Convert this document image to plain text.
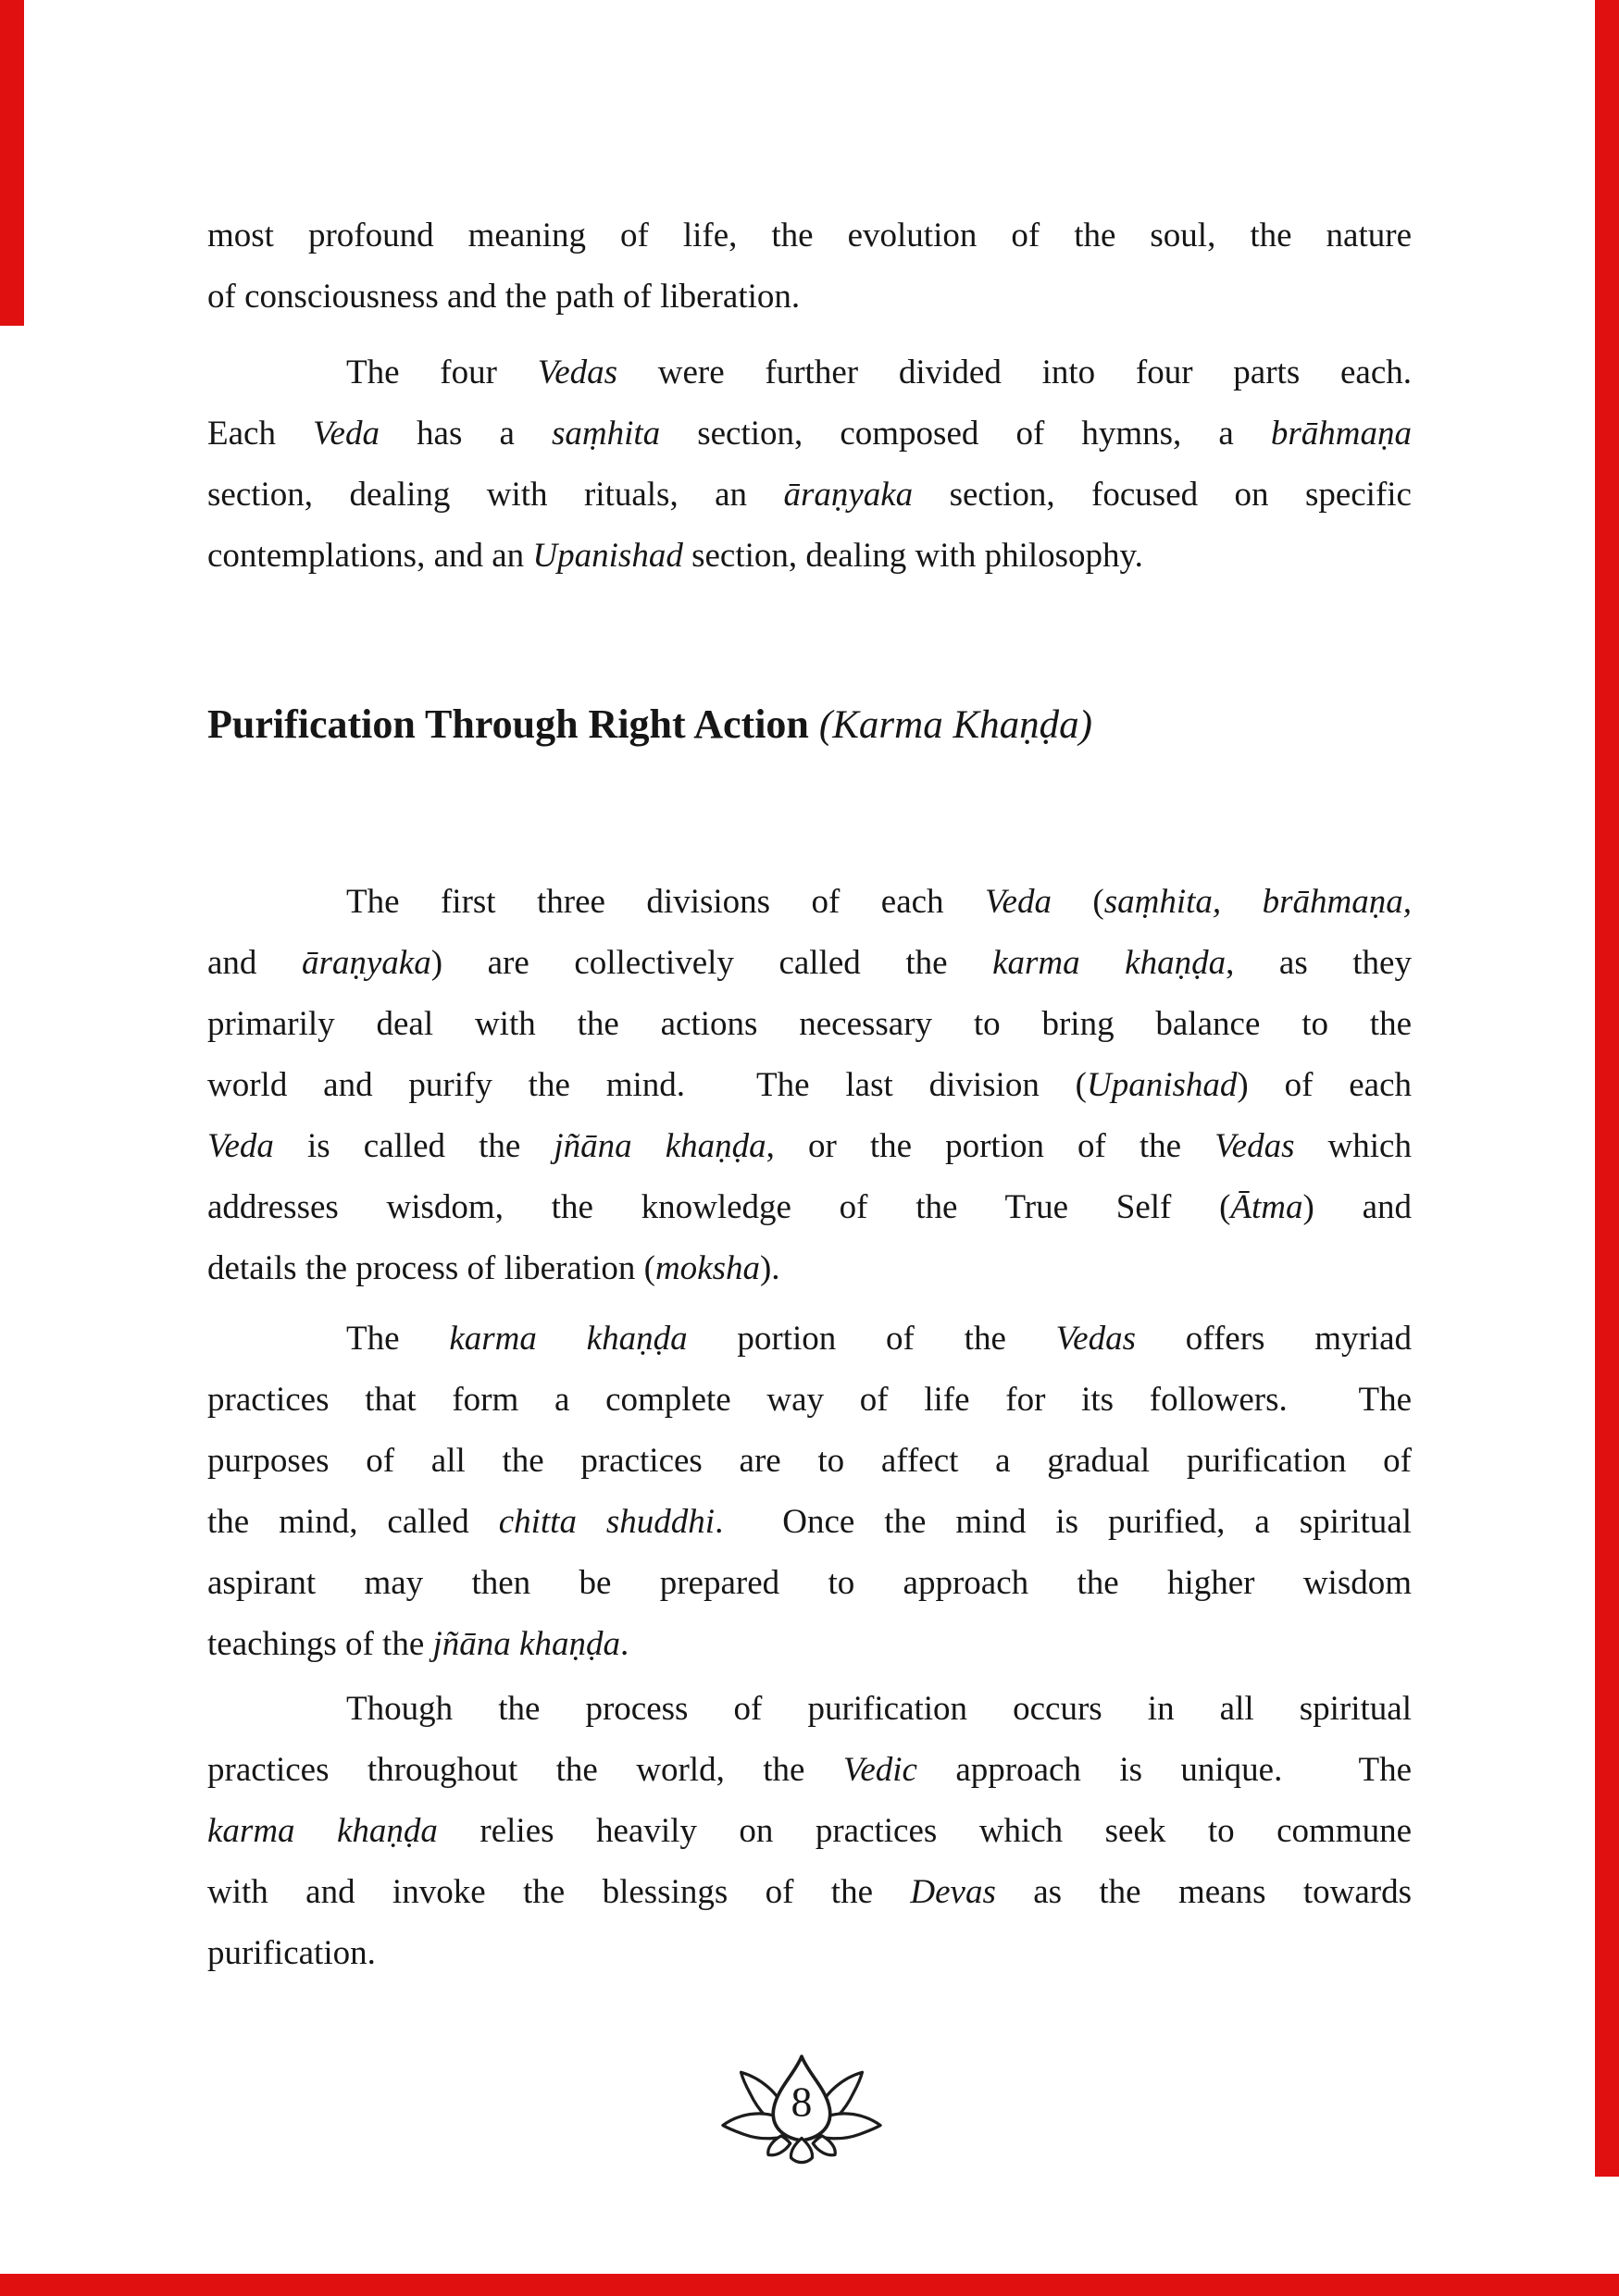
most profound meaning of life, the evolution of the soul, the nature
of consciousness and the path of liberation.
The four Vedas were further divided into four parts each.
Each Veda has a saṃhita section, composed of hymns, a brāhmaṇa
section, dealing with rituals, an āraṇyaka section, focused on specific
contemplations, and an Upanishad section, dealing with philosophy.
Purification Through Right Action (Karma Khaṇḍa)
The first three divisions of each Veda (saṃhita, brāhmaṇa,
and āraṇyaka) are collectively called the karma khaṇḍa, as they
primarily deal with the actions necessary to bring balance to the
world and purify the mind.  The last division (Upanishad) of each
Veda is called the jñāna khaṇḍa, or the portion of the Vedas which
addresses wisdom, the knowledge of the True Self (Ātma) and
details the process of liberation (moksha).
The karma khaṇḍa portion of the Vedas offers myriad
practices that form a complete way of life for its followers.  The
purposes of all the practices are to affect a gradual purification of
the mind, called chitta shuddhi.  Once the mind is purified, a spiritual
aspirant may then be prepared to approach the higher wisdom
teachings of the jñāna khaṇḍa.
Though the process of purification occurs in all spiritual
practices throughout the world, the Vedic approach is unique.  The
karma khaṇḍa relies heavily on practices which seek to commune
with and invoke the blessings of the Devas as the means towards
purification.
8
